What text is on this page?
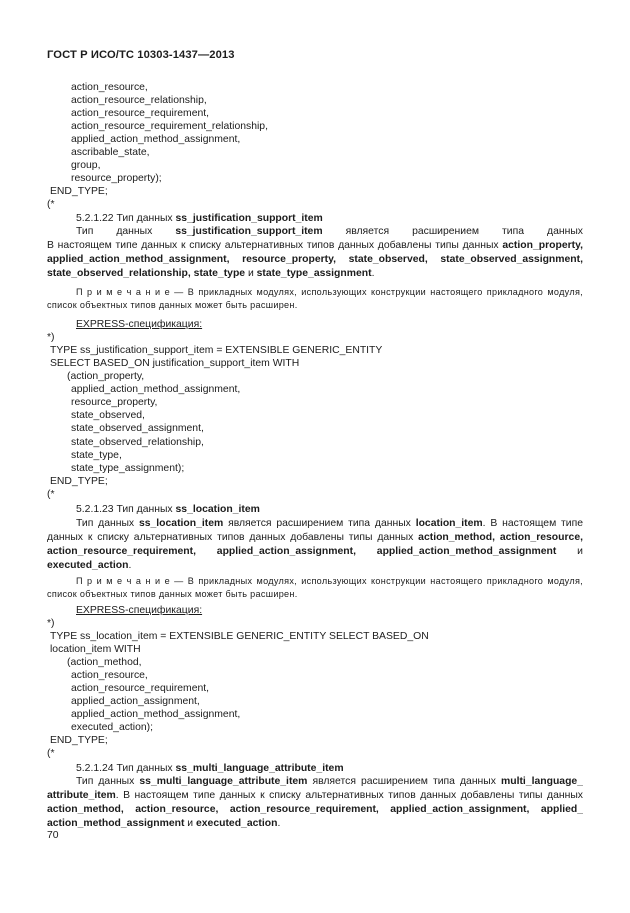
ГОСТ Р ИСО/ТС 10303-1437—2013
action_resource,
action_resource_relationship,
action_resource_requirement,
action_resource_requirement_relationship,
applied_action_method_assignment,
ascribable_state,
group,
resource_property);
END_TYPE;
(*
5.2.1.22 Тип данных ss_justification_support_item
Тип данных ss_justification_support_item является расширением типа данных
В настоящем типе данных к списку альтернативных типов данных добавлены типы данных action_property,
applied_action_method_assignment, resource_property, state_observed, state_observed_assignment,
state_observed_relationship, state_type и state_type_assignment.
П р и м е ч а н и е — В прикладных модулях, использующих конструкции настоящего прикладного модуля,
список объектных типов данных может быть расширен.
EXPRESS-спецификация:
*)
TYPE ss_justification_support_item = EXTENSIBLE GENERIC_ENTITY
SELECT BASED_ON justification_support_item WITH
(action_property,
applied_action_method_assignment,
resource_property,
state_observed,
state_observed_assignment,
state_observed_relationship,
state_type,
state_type_assignment);
END_TYPE;
(*
5.2.1.23 Тип данных ss_location_item
Тип данных ss_location_item является расширением типа данных location_item. В настоящем типе
данных к списку альтернативных типов данных добавлены типы данных action_method, action_resource,
action_resource_requirement, applied_action_assignment, applied_action_method_assignment и
executed_action.
П р и м е ч а н и е — В прикладных модулях, использующих конструкции настоящего прикладного модуля,
список объектных типов данных может быть расширен.
EXPRESS-спецификация:
*)
TYPE ss_location_item = EXTENSIBLE GENERIC_ENTITY SELECT BASED_ON
location_item WITH
(action_method,
action_resource,
action_resource_requirement,
applied_action_assignment,
applied_action_method_assignment,
executed_action);
END_TYPE;
(*
5.2.1.24 Тип данных ss_multi_language_attribute_item
Тип данных ss_multi_language_attribute_item является расширением типа данных multi_language_
attribute_item. В настоящем типе данных к списку альтернативных типов данных добавлены типы данных
action_method, action_resource, action_resource_requirement, applied_action_assignment, applied_
action_method_assignment и executed_action.
70
